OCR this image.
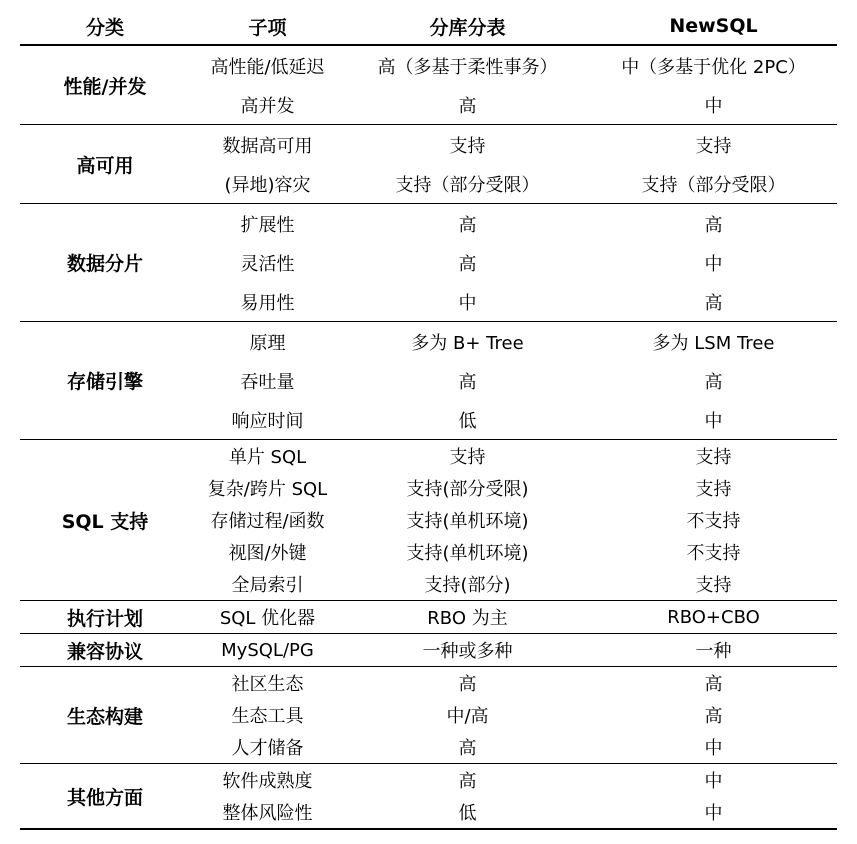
分类	子项	分库分表	NewSQL
性能/并发	高性能/低延迟	高（多基于柔性事务）	中（多基于优化 2PC）
	高并发	高	中
高可用	数据高可用	支持	支持
	(异地)容灾	支持（部分受限）	支持（部分受限）
数据分片	扩展性	高	高
	灵活性	高	中
	易用性	中	高
存储引擎	原理	多为 B+ Tree	多为 LSM Tree
	吞吐量	高	高
	响应时间	低	中
SQL 支持	单片 SQL	支持	支持
	复杂/跨片 SQL	支持(部分受限)	支持
	存储过程/函数	支持(单机环境)	不支持
	视图/外键	支持(单机环境)	不支持
	全局索引	支持(部分)	支持
执行计划	SQL 优化器	RBO 为主	RBO+CBO
兼容协议	MySQL/PG	一种或多种	一种
生态构建	社区生态	高	高
	生态工具	中/高	高
	人才储备	高	中
其他方面	软件成熟度	高	中
	整体风险性	低	中
